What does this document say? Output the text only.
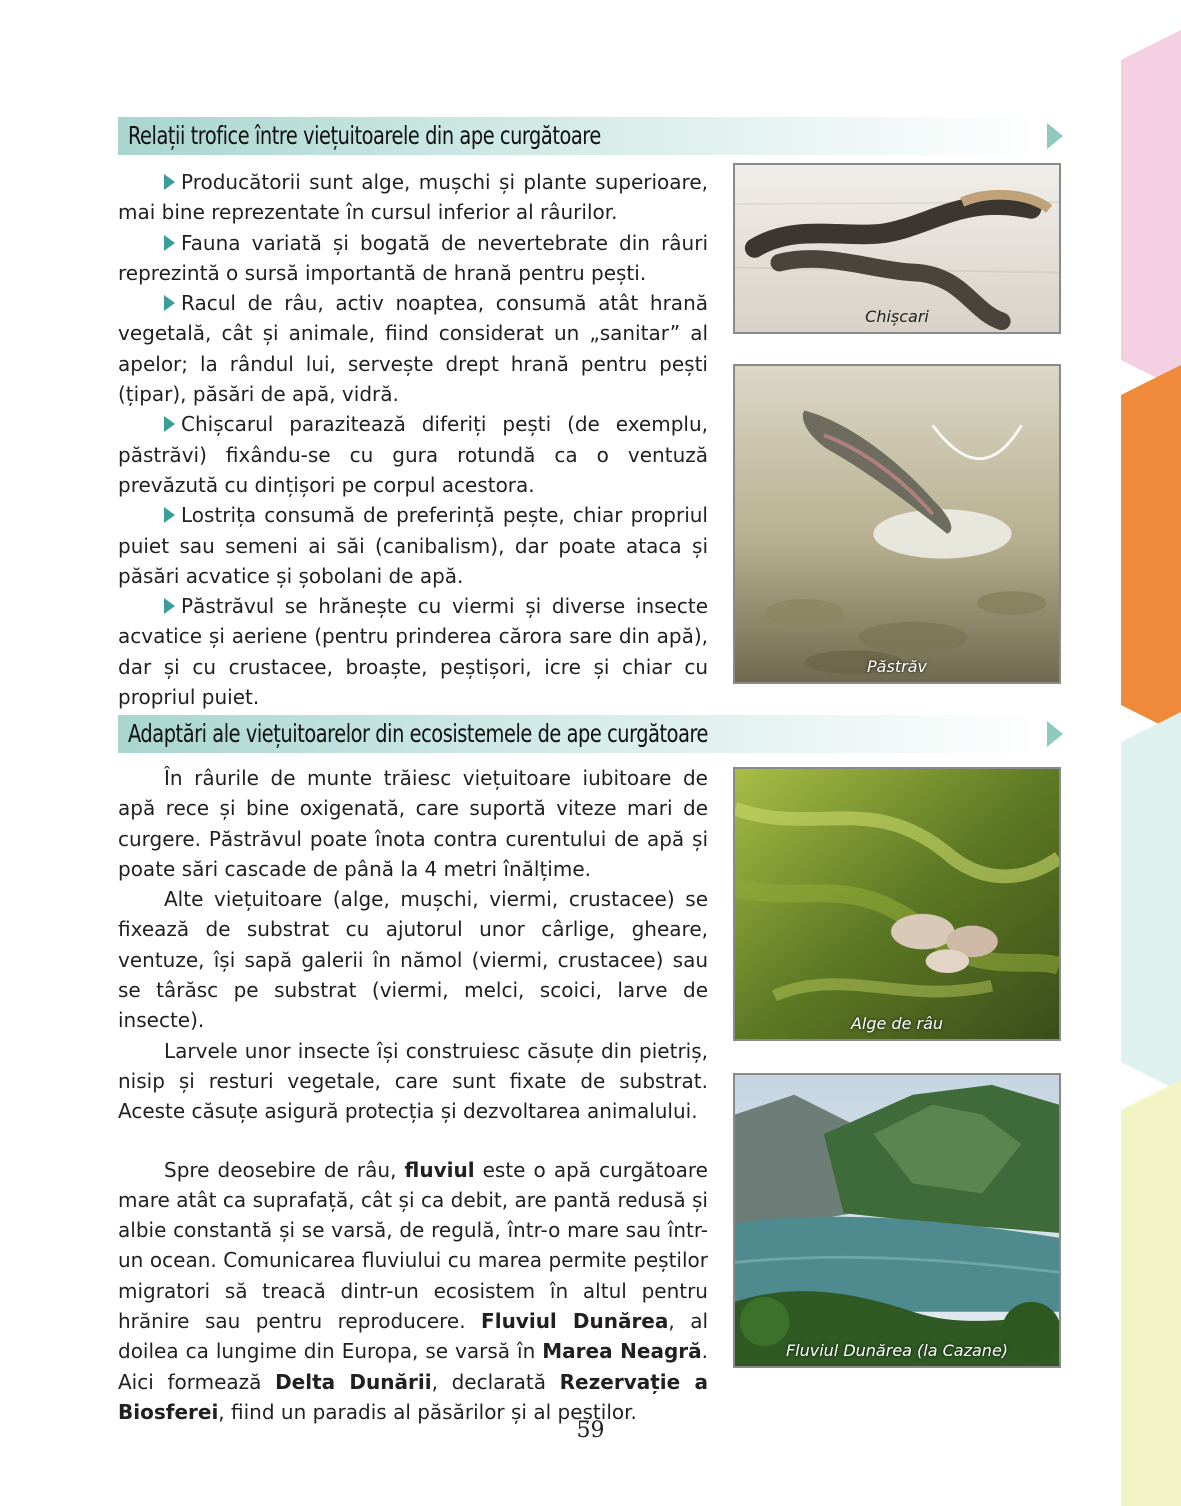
Relații trofice între viețuitoarele din ape curgătoare

Producătorii sunt alge, mușchi și plante superioare, mai bine reprezentate în cursul inferior al râurilor.

Fauna variată și bogată de nevertebrate din râuri reprezintă o sursă importantă de hrană pentru pești.

Racul de râu, activ noaptea, consumă atât hrană vegetală, cât și animale, fiind considerat un „sanitar” al apelor; la rândul lui, servește drept hrană pentru pești (țipar), păsări de apă, vidră.

Chișcarul parazitează diferiți pești (de exemplu, păstrăvi) fixându-se cu gura rotundă ca o ventuză prevăzută cu dințișori pe corpul acestora.

Lostrița consumă de preferință pește, chiar propriul puiet sau semeni ai săi (canibalism), dar poate ataca și păsări acvatice și șobolani de apă.

Păstrăvul se hrănește cu viermi și diverse insecte acvatice și aeriene (pentru prinderea cărora sare din apă), dar și cu crustacee, broaște, peștișori, icre și chiar cu propriul puiet.

Chișcari
Păstrăv
Adaptări ale viețuitoarelor din ecosistemele de ape curgătoare

În râurile de munte trăiesc viețuitoare iubitoare de apă rece și bine oxigenată, care suportă viteze mari de curgere. Păstrăvul poate înota contra curentului de apă și poate sări cascade de până la 4 metri înălțime.

Alte viețuitoare (alge, mușchi, viermi, crustacee) se fixează de substrat cu ajutorul unor cârlige, gheare, ventuze, își sapă galerii în nămol (viermi, crustacee) sau se târăsc pe substrat (viermi, melci, scoici, larve de insecte).

Larvele unor insecte își construiesc căsuțe din pietriș, nisip și resturi vegetale, care sunt fixate de substrat. Aceste căsuțe asigură protecția și dezvoltarea animalului.

Spre deosebire de râu, fluviul este o apă curgătoare mare atât ca suprafață, cât și ca debit, are pantă redusă și albie constantă și se varsă, de regulă, într-o mare sau într-un ocean. Comunicarea fluviului cu marea permite peștilor migratori să treacă dintr-un ecosistem în altul pentru hrănire sau pentru reproducere. Fluviul Dunărea, al doilea ca lungime din Europa, se varsă în Marea Neagră. Aici formează Delta Dunării, declarată Rezervație a Biosferei, fiind un paradis al păsărilor și al peștilor.

Alge de râu
Fluviul Dunărea (la Cazane)
59
